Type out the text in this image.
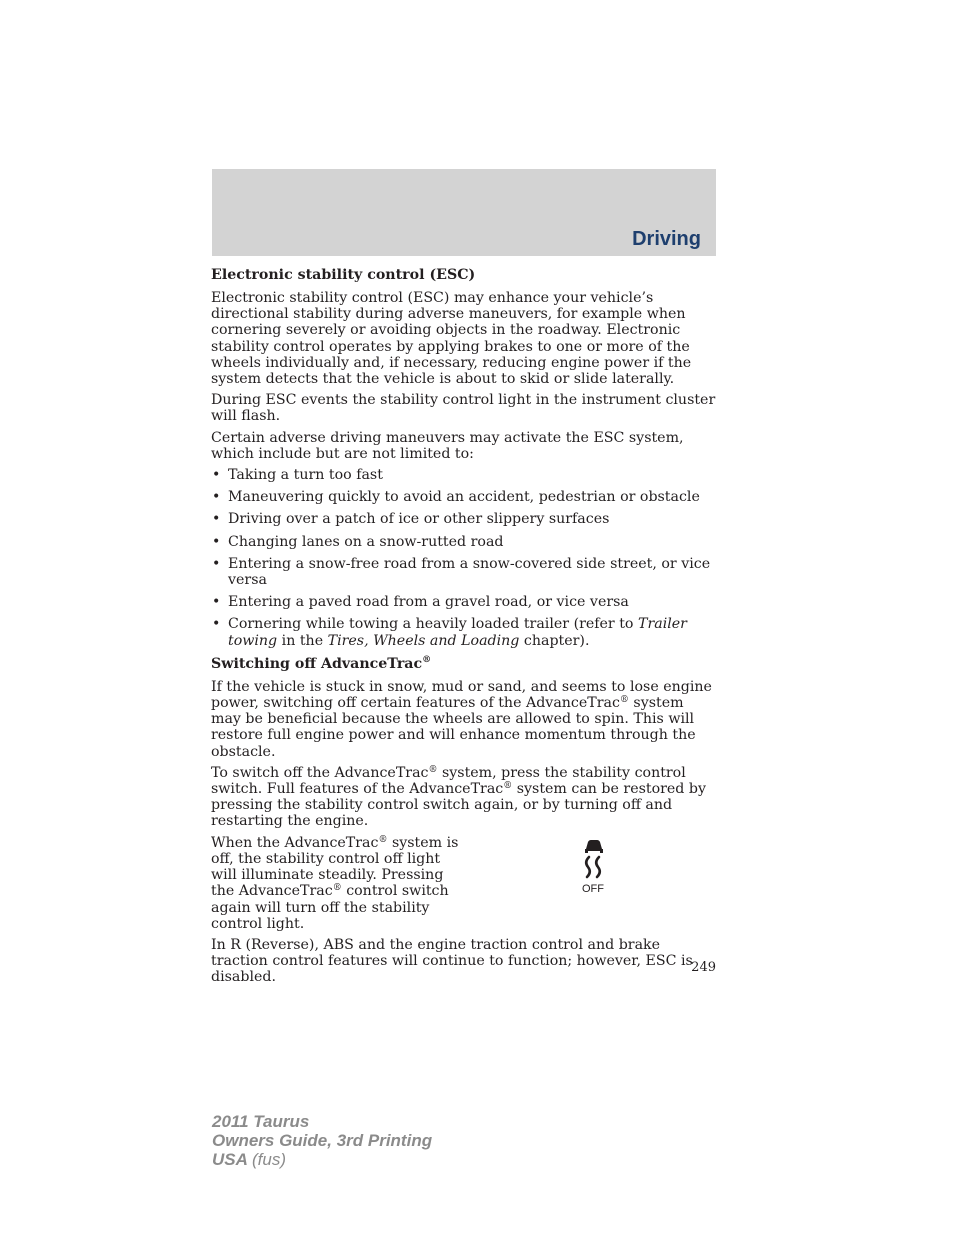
Driving
Electronic stability control (ESC)

Electronic stability control (ESC) may enhance your vehicle’s directional stability during adverse maneuvers, for example when cornering severely or avoiding objects in the roadway. Electronic stability control operates by applying brakes to one or more of the wheels individually and, if necessary, reducing engine power if the system detects that the vehicle is about to skid or slide laterally.

During ESC events the stability control light in the instrument cluster will flash.

Certain adverse driving maneuvers may activate the ESC system, which include but are not limited to:

• Taking a turn too fast
• Maneuvering quickly to avoid an accident, pedestrian or obstacle
• Driving over a patch of ice or other slippery surfaces
• Changing lanes on a snow-rutted road
• Entering a snow-free road from a snow-covered side street, or vice versa
• Entering a paved road from a gravel road, or vice versa
• Cornering while towing a heavily loaded trailer (refer to Trailer towing in the Tires, Wheels and Loading chapter).
Switching off AdvanceTrac®

If the vehicle is stuck in snow, mud or sand, and seems to lose engine power, switching off certain features of the AdvanceTrac® system may be beneficial because the wheels are allowed to spin. This will restore full engine power and will enhance momentum through the obstacle.

To switch off the AdvanceTrac® system, press the stability control switch. Full features of the AdvanceTrac® system can be restored by pressing the stability control switch again, or by turning off and restarting the engine.

When the AdvanceTrac® system is off, the stability control off light will illuminate steadily. Pressing the AdvanceTrac® control switch again will turn off the stability control light.

OFF

In R (Reverse), ABS and the engine traction control and brake traction control features will continue to function; however, ESC is disabled.

249
2011 Taurus
Owners Guide, 3rd Printing
USA (fus)
